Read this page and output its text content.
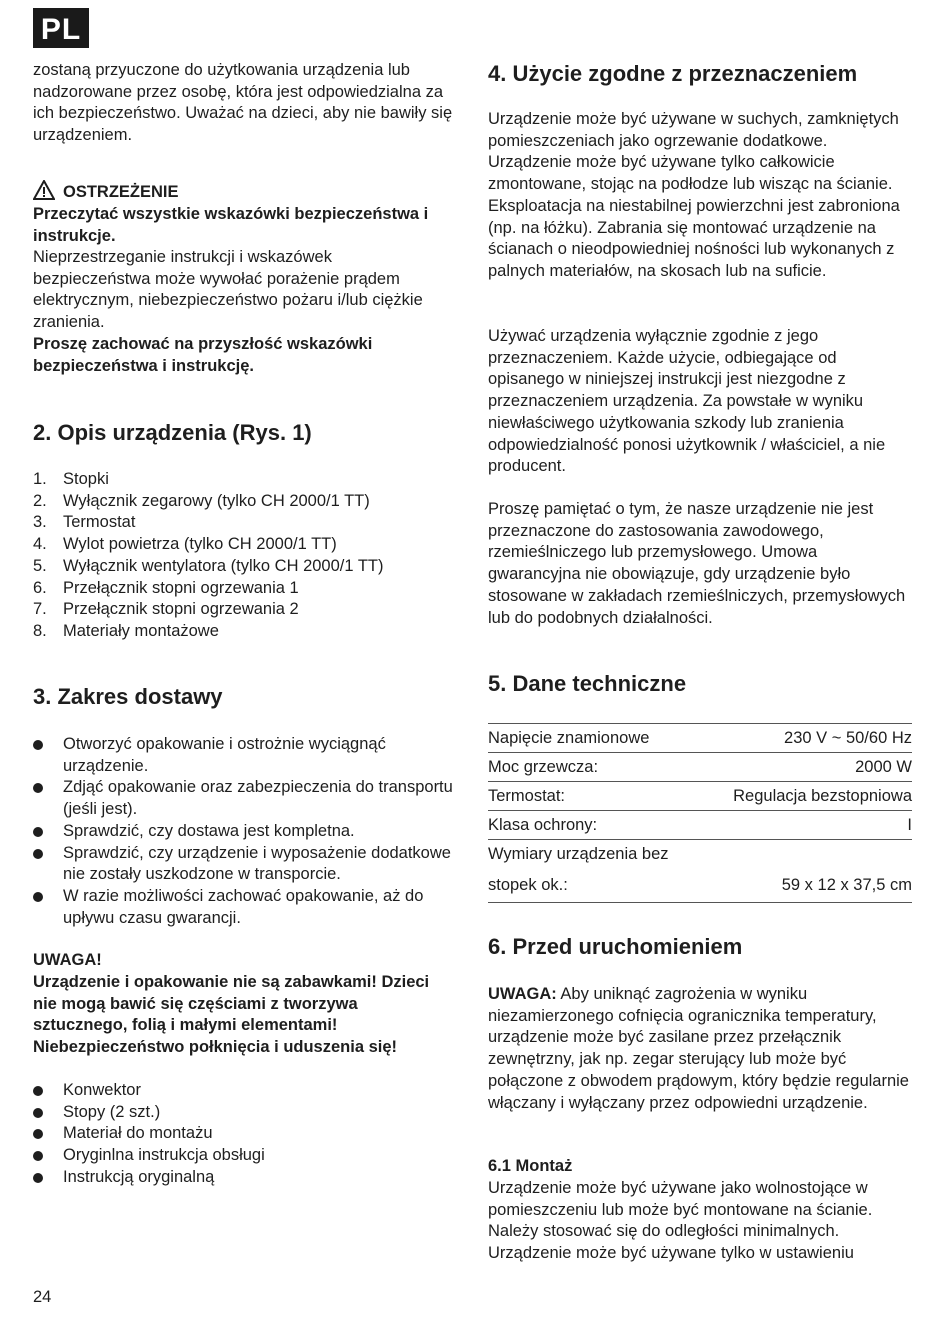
PL

zostaną przyuczone do użytkowania urządzenia lub nadzorowane przez osobę, która jest odpowiedzialna za ich bezpieczeństwo. Uważać na dzieci, aby nie bawiły się urządzeniem.

OSTRZEŻENIE

Przeczytać wszystkie wskazówki bezpieczeństwa i instrukcje.

Nieprzestrzeganie instrukcji i wskazówek bezpieczeństwa może wywołać porażenie prądem elektrycznym, niebezpieczeństwo pożaru i/lub ciężkie zranienia.

Proszę zachować na przyszłość wskazówki bezpieczeństwa i instrukcję.

2. Opis urządzenia (Rys. 1)
1. Stopki
2. Wyłącznik zegarowy (tylko CH 2000/1 TT)
3. Termostat
4. Wylot powietrza (tylko CH 2000/1 TT)
5. Wyłącznik wentylatora (tylko CH 2000/1 TT)
6. Przełącznik stopni ogrzewania 1
7. Przełącznik stopni ogrzewania 2
8. Materiały montażowe
3. Zakres dostawy
Otworzyć opakowanie i ostrożnie wyciągnąć urządzenie.
Zdjąć opakowanie oraz zabezpieczenia do transportu (jeśli jest).
Sprawdzić, czy dostawa jest kompletna.
Sprawdzić, czy urządzenie i wyposażenie dodatkowe nie zostały uszkodzone w transporcie.
W razie możliwości zachować opakowanie, aż do upływu czasu gwarancji.

UWAGA!

Urządzenie i opakowanie nie są zabawkami! Dzieci nie mogą bawić się częściami z tworzywa sztucznego, folią i małymi elementami! Niebezpieczeństwo połknięcia i uduszenia się!

Konwektor
Stopy (2 szt.)
Materiał do montażu
Oryginlna instrukcja obsługi
Instrukcją oryginalną
4. Użycie zgodne z przeznaczeniem

Urządzenie może być używane w suchych, zamkniętych pomieszczeniach jako ogrzewanie dodatkowe. Urządzenie może być używane tylko całkowicie zmontowane, stojąc na podłodze lub wisząc na ścianie. Eksploatacja na niestabilnej powierzchni jest zabroniona (np. na łóżku). Zabrania się montować urządzenie na ścianach o nieodpowiedniej nośności lub wykonanych z palnych materiałów, na skosach lub na suficie.

Używać urządzenia wyłącznie zgodnie z jego przeznaczeniem. Każde użycie, odbiegające od opisanego w niniejszej instrukcji jest niezgodne z przeznaczeniem urządzenia. Za powstałe w wyniku niewłaściwego użytkowania szkody lub zranienia odpowiedzialność ponosi użytkownik / właściciel, a nie producent.

Proszę pamiętać o tym, że nasze urządzenie nie jest przeznaczone do zastosowania zawodowego, rzemieślniczego lub przemysłowego. Umowa gwarancyjna nie obowiązuje, gdy urządzenie było stosowane w zakładach rzemieślniczych, przemysłowych lub do podobnych działalności.

5. Dane techniczne
Napięcie znamionowe	230 V ~ 50/60 Hz
Moc grzewcza:	2000 W
Termostat:	Regulacja bezstopniowa
Klasa ochrony:	I
Wymiary urządzenia bez	
stopek ok.:	59 x 12 x 37,5 cm
6. Przed uruchomieniem

UWAGA: Aby uniknąć zagrożenia w wyniku niezamierzonego cofnięcia ogranicznika temperatury, urządzenie może być zasilane przez przełącznik zewnętrzny, jak np. zegar sterujący lub może być połączone z obwodem prądowym, który będzie regularnie włączany i wyłączany przez odpowiedni urządzenie.

6.1 Montaż

Urządzenie może być używane jako wolnostojące w pomieszczeniu lub może być montowane na ścianie. Należy stosować się do odległości minimalnych. Urządzenie może być używane tylko w ustawieniu

24
